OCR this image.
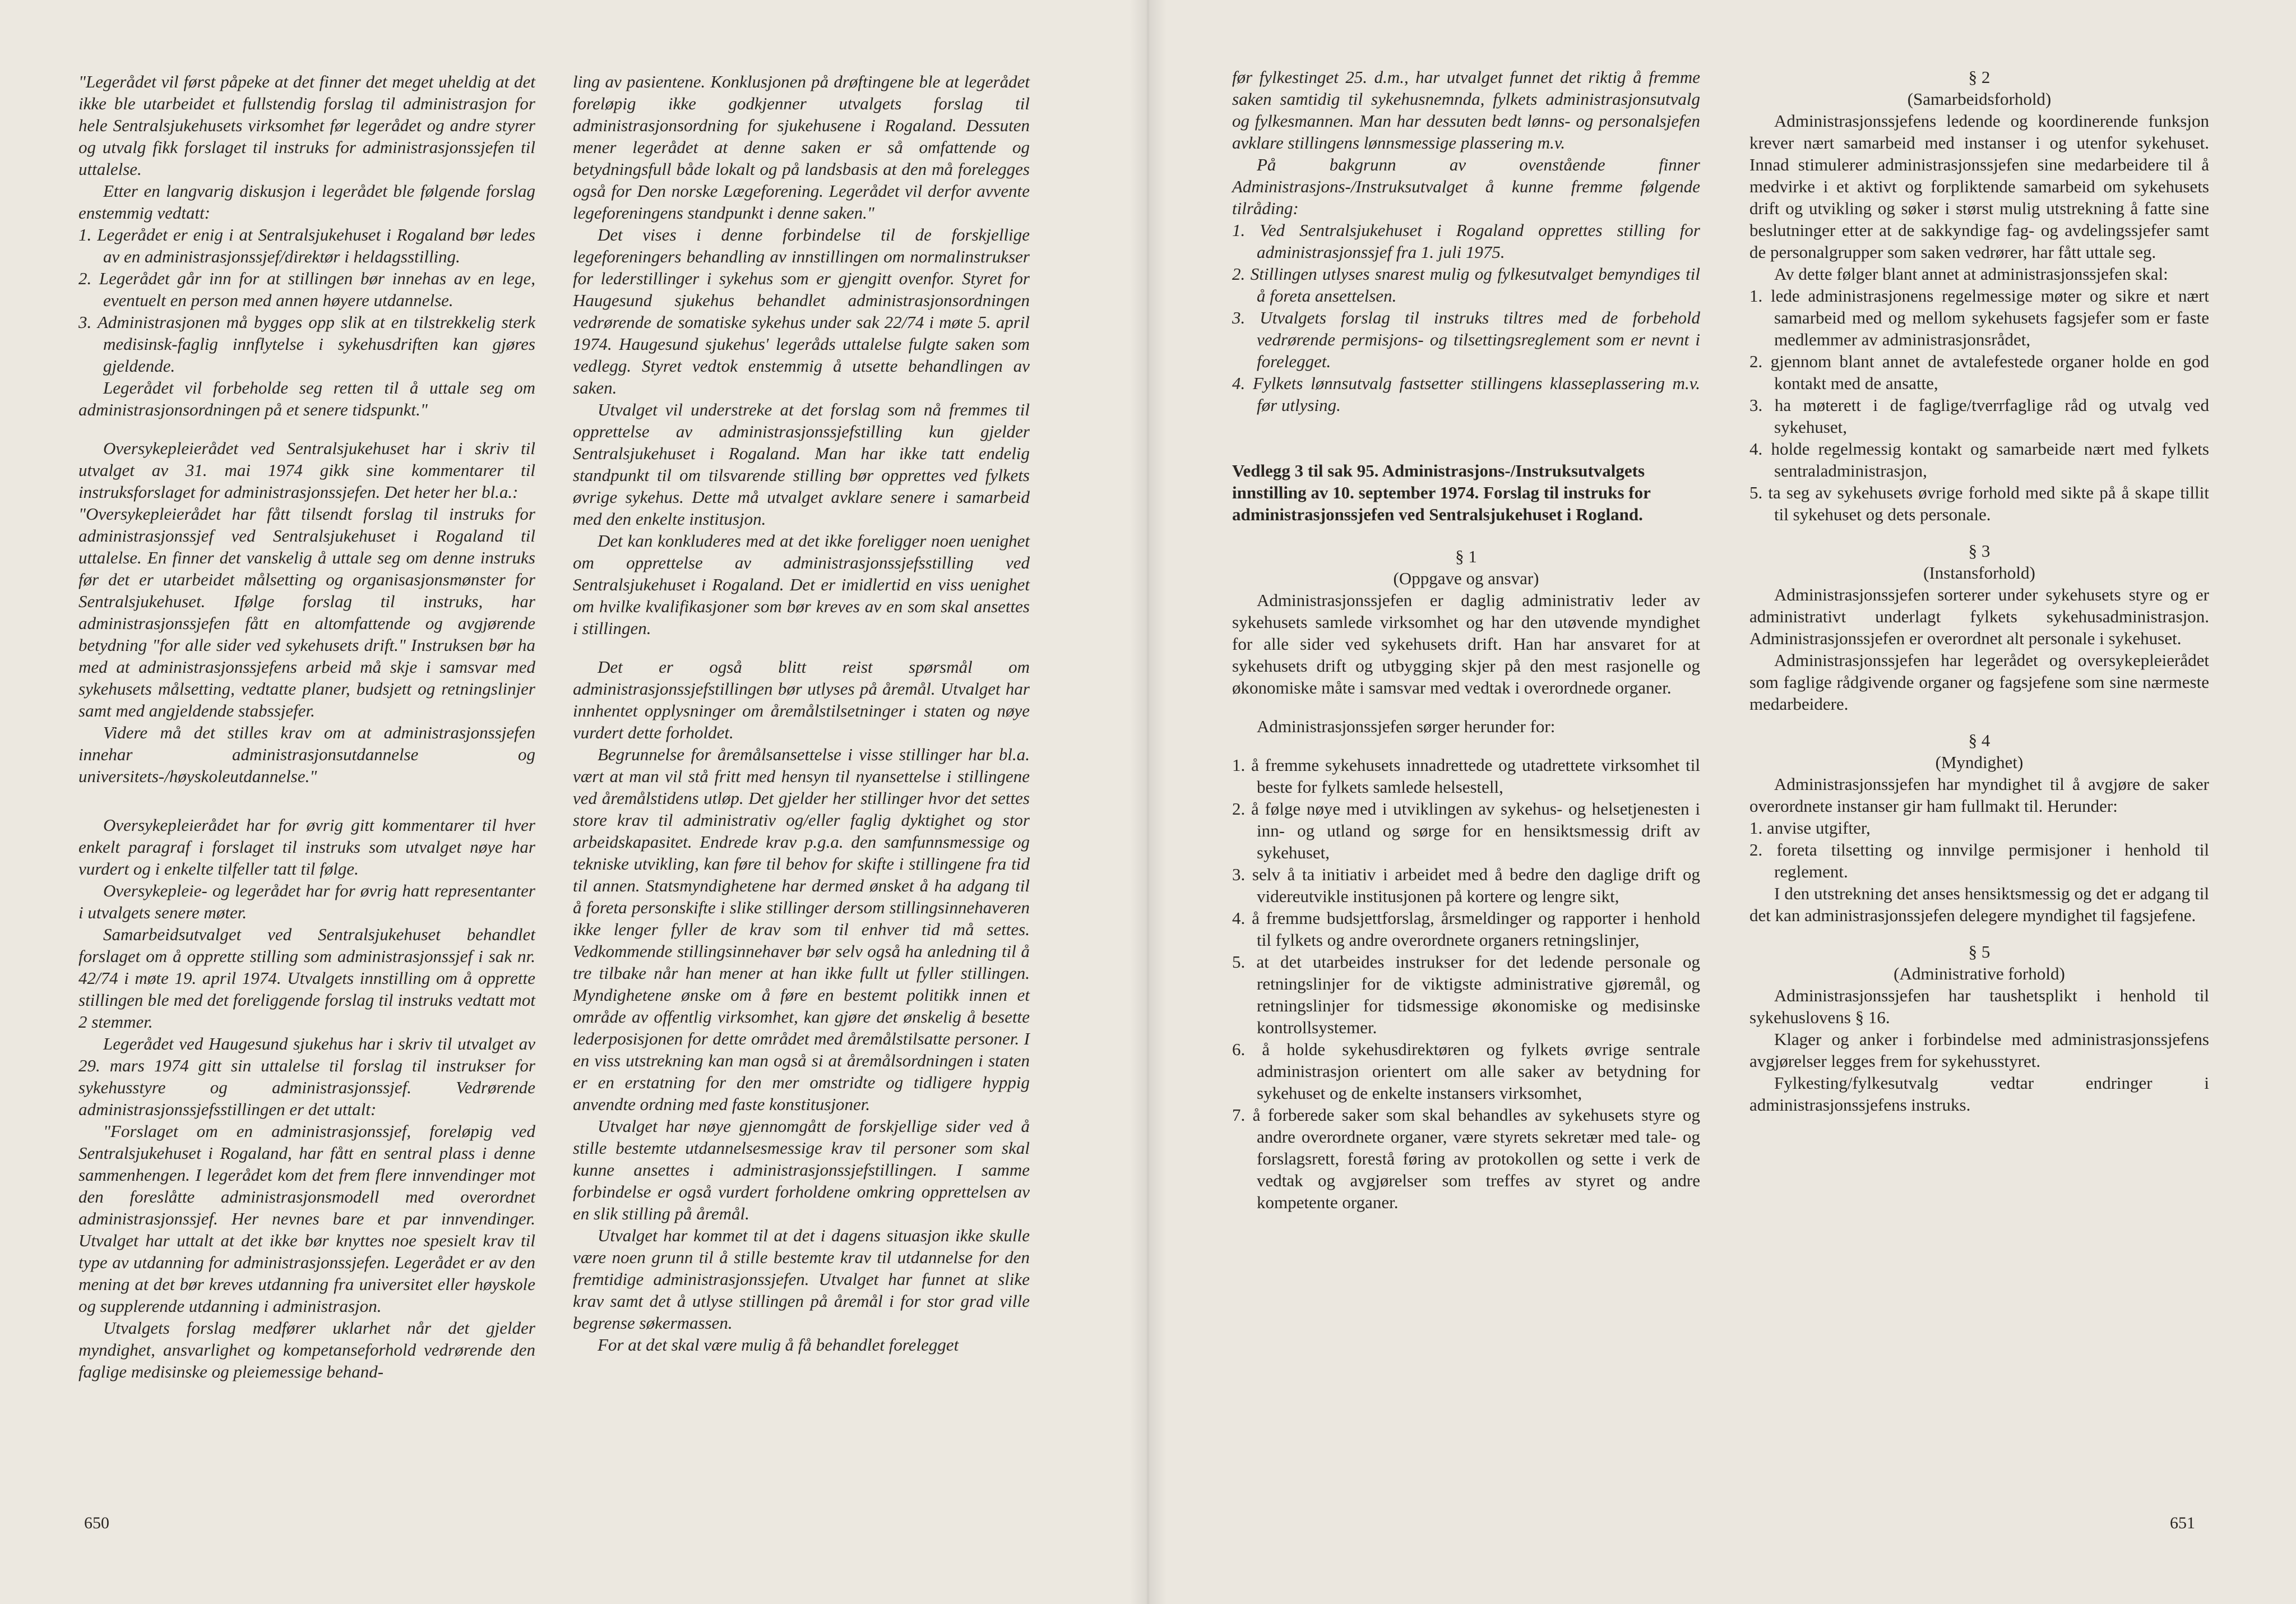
"Legerådet vil først påpeke at det finner det meget uheldig at det ikke ble utarbeidet et fullstendig forslag til administrasjon for hele Sentralsjukehusets virksomhet før legerådet og andre styrer og utvalg fikk forslaget til instruks for administrasjonssjefen til uttalelse.

Etter en langvarig diskusjon i legerådet ble følgende forslag enstemmig vedtatt:

1. Legerådet er enig i at Sentralsjukehuset i Rogaland bør ledes av en administrasjonssjef/direktør i heldagsstilling.

2. Legerådet går inn for at stillingen bør innehas av en lege, eventuelt en person med annen høyere utdannelse.

3. Administrasjonen må bygges opp slik at en tilstrekkelig sterk medisinsk-faglig innflytelse i sykehusdriften kan gjøres gjeldende.

Legerådet vil forbeholde seg retten til å uttale seg om administrasjonsordningen på et senere tidspunkt."

Oversykepleierådet ved Sentralsjukehuset har i skriv til utvalget av 31. mai 1974 gikk sine kommentarer til instruksforslaget for administrasjonssjefen. Det heter her bl.a.:

"Oversykepleierådet har fått tilsendt forslag til instruks for administrasjonssjef ved Sentralsjukehuset i Rogaland til uttalelse. En finner det vanskelig å uttale seg om denne instruks før det er utarbeidet målsetting og organisasjonsmønster for Sentralsjukehuset. Ifølge forslag til instruks, har administrasjonssjefen fått en altomfattende og avgjørende betydning "for alle sider ved sykehusets drift." Instruksen bør ha med at administrasjonssjefens arbeid må skje i samsvar med sykehusets målsetting, vedtatte planer, budsjett og retningslinjer samt med angjeldende stabssjefer.

Videre må det stilles krav om at administrasjonssjefen innehar administrasjonsutdannelse og universitets-/høyskoleutdannelse."

Oversykepleierådet har for øvrig gitt kommentarer til hver enkelt paragraf i forslaget til instruks som utvalget nøye har vurdert og i enkelte tilfeller tatt til følge.

Oversykepleie- og legerådet har for øvrig hatt representanter i utvalgets senere møter.

Samarbeidsutvalget ved Sentralsjukehuset behandlet forslaget om å opprette stilling som administrasjonssjef i sak nr. 42/74 i møte 19. april 1974. Utvalgets innstilling om å opprette stillingen ble med det foreliggende forslag til instruks vedtatt mot 2 stemmer.

Legerådet ved Haugesund sjukehus har i skriv til utvalget av 29. mars 1974 gitt sin uttalelse til forslag til instrukser for sykehusstyre og administrasjonssjef. Vedrørende administrasjonssjefsstillingen er det uttalt:

"Forslaget om en administrasjonssjef, foreløpig ved Sentralsjukehuset i Rogaland, har fått en sentral plass i denne sammenhengen. I legerådet kom det frem flere innvendinger mot den foreslåtte administrasjonsmodell med overordnet administrasjonssjef. Her nevnes bare et par innvendinger. Utvalget har uttalt at det ikke bør knyttes noe spesielt krav til type av utdanning for administrasjonssjefen. Legerådet er av den mening at det bør kreves utdanning fra universitet eller høyskole og supplerende utdanning i administrasjon.

Utvalgets forslag medfører uklarhet når det gjelder myndighet, ansvarlighet og kompetanseforhold vedrørende den faglige medisinske og pleiemessige behand-

ling av pasientene. Konklusjonen på drøftingene ble at legerådet foreløpig ikke godkjenner utvalgets forslag til administrasjonsordning for sjukehusene i Rogaland. Dessuten mener legerådet at denne saken er så omfattende og betydningsfull både lokalt og på landsbasis at den må forelegges også for Den norske Lægeforening. Legerådet vil derfor avvente legeforeningens standpunkt i denne saken."

Det vises i denne forbindelse til de forskjellige legeforeningers behandling av innstillingen om normalinstrukser for lederstillinger i sykehus som er gjengitt ovenfor. Styret for Haugesund sjukehus behandlet administrasjonsordningen vedrørende de somatiske sykehus under sak 22/74 i møte 5. april 1974. Haugesund sjukehus' legeråds uttalelse fulgte saken som vedlegg. Styret vedtok enstemmig å utsette behandlingen av saken.

Utvalget vil understreke at det forslag som nå fremmes til opprettelse av administrasjonssjefstilling kun gjelder Sentralsjukehuset i Rogaland. Man har ikke tatt endelig standpunkt til om tilsvarende stilling bør opprettes ved fylkets øvrige sykehus. Dette må utvalget avklare senere i samarbeid med den enkelte institusjon.

Det kan konkluderes med at det ikke foreligger noen uenighet om opprettelse av administrasjonssjefsstilling ved Sentralsjukehuset i Rogaland. Det er imidlertid en viss uenighet om hvilke kvalifikasjoner som bør kreves av en som skal ansettes i stillingen.

Det er også blitt reist spørsmål om administrasjonssjefstillingen bør utlyses på åremål. Utvalget har innhentet opplysninger om åremålstilsetninger i staten og nøye vurdert dette forholdet.

Begrunnelse for åremålsansettelse i visse stillinger har bl.a. vært at man vil stå fritt med hensyn til nyansettelse i stillingene ved åremålstidens utløp. Det gjelder her stillinger hvor det settes store krav til administrativ og/eller faglig dyktighet og stor arbeidskapasitet. Endrede krav p.g.a. den samfunnsmessige og tekniske utvikling, kan føre til behov for skifte i stillingene fra tid til annen. Statsmyndighetene har dermed ønsket å ha adgang til å foreta personskifte i slike stillinger dersom stillingsinnehaveren ikke lenger fyller de krav som til enhver tid må settes. Vedkommende stillingsinnehaver bør selv også ha anledning til å tre tilbake når han mener at han ikke fullt ut fyller stillingen. Myndighetene ønske om å føre en bestemt politikk innen et område av offentlig virksomhet, kan gjøre det ønskelig å besette lederposisjonen for dette området med åremålstilsatte personer. I en viss utstrekning kan man også si at åremålsordningen i staten er en erstatning for den mer omstridte og tidligere hyppig anvendte ordning med faste konstitusjoner.

Utvalget har nøye gjennomgått de forskjellige sider ved å stille bestemte utdannelsesmessige krav til personer som skal kunne ansettes i administrasjonssjefstillingen. I samme forbindelse er også vurdert forholdene omkring opprettelsen av en slik stilling på åremål.

Utvalget har kommet til at det i dagens situasjon ikke skulle være noen grunn til å stille bestemte krav til utdannelse for den fremtidige administrasjonssjefen. Utvalget har funnet at slike krav samt det å utlyse stillingen på åremål i for stor grad ville begrense søkermassen.

For at det skal være mulig å få behandlet forelegget

650

før fylkestinget 25. d.m., har utvalget funnet det riktig å fremme saken samtidig til sykehusnemnda, fylkets administrasjonsutvalg og fylkesmannen. Man har dessuten bedt lønns- og personalsjefen avklare stillingens lønnsmessige plassering m.v.

På bakgrunn av ovenstående finner Administrasjons-/Instruksutvalget å kunne fremme følgende tilråding:

1. Ved Sentralsjukehuset i Rogaland opprettes stilling for administrasjonssjef fra 1. juli 1975.

2. Stillingen utlyses snarest mulig og fylkesutvalget bemyndiges til å foreta ansettelsen.

3. Utvalgets forslag til instruks tiltres med de forbehold vedrørende permisjons- og tilsettingsreglement som er nevnt i forelegget.

4. Fylkets lønnsutvalg fastsetter stillingens klasseplassering m.v. før utlysing.

Vedlegg 3 til sak 95. Administrasjons-/Instruksutvalgets innstilling av 10. september 1974. Forslag til instruks for administrasjonssjefen ved Sentralsjukehuset i Rogland.

§ 1

(Oppgave og ansvar)

Administrasjonssjefen er daglig administrativ leder av sykehusets samlede virksomhet og har den utøvende myndighet for alle sider ved sykehusets drift. Han har ansvaret for at sykehusets drift og utbygging skjer på den mest rasjonelle og økonomiske måte i samsvar med vedtak i overordnede organer.

Administrasjonssjefen sørger herunder for:

1. å fremme sykehusets innadrettede og utadrettete virksomhet til beste for fylkets samlede helsestell,

2. å følge nøye med i utviklingen av sykehus- og helsetjenesten i inn- og utland og sørge for en hensiktsmessig drift av sykehuset,

3. selv å ta initiativ i arbeidet med å bedre den daglige drift og videreutvikle institusjonen på kortere og lengre sikt,

4. å fremme budsjettforslag, årsmeldinger og rapporter i henhold til fylkets og andre overordnete organers retningslinjer,

5. at det utarbeides instrukser for det ledende personale og retningslinjer for de viktigste administrative gjøremål, og retningslinjer for tidsmessige økonomiske og medisinske kontrollsystemer.

6. å holde sykehusdirektøren og fylkets øvrige sentrale administrasjon orientert om alle saker av betydning for sykehuset og de enkelte instansers virksomhet,

7. å forberede saker som skal behandles av sykehusets styre og andre overordnete organer, være styrets sekretær med tale- og forslagsrett, forestå føring av protokollen og sette i verk de vedtak og avgjørelser som treffes av styret og andre kompetente organer.

§ 2

(Samarbeidsforhold)

Administrasjonssjefens ledende og koordinerende funksjon krever nært samarbeid med instanser i og utenfor sykehuset. Innad stimulerer administrasjonssjefen sine medarbeidere til å medvirke i et aktivt og forpliktende samarbeid om sykehusets drift og utvikling og søker i størst mulig utstrekning å fatte sine beslutninger etter at de sakkyndige fag- og avdelingssjefer samt de personalgrupper som saken vedrører, har fått uttale seg.

Av dette følger blant annet at administrasjonssjefen skal:

1. lede administrasjonens regelmessige møter og sikre et nært samarbeid med og mellom sykehusets fagsjefer som er faste medlemmer av administrasjonsrådet,

2. gjennom blant annet de avtalefestede organer holde en god kontakt med de ansatte,

3. ha møterett i de faglige/tverrfaglige råd og utvalg ved sykehuset,

4. holde regelmessig kontakt og samarbeide nært med fylkets sentraladministrasjon,

5. ta seg av sykehusets øvrige forhold med sikte på å skape tillit til sykehuset og dets personale.

§ 3

(Instansforhold)

Administrasjonssjefen sorterer under sykehusets styre og er administrativt underlagt fylkets sykehusadministrasjon. Administrasjonssjefen er overordnet alt personale i sykehuset.

Administrasjonssjefen har legerådet og oversykepleierådet som faglige rådgivende organer og fagsjefene som sine nærmeste medarbeidere.

§ 4

(Myndighet)

Administrasjonssjefen har myndighet til å avgjøre de saker overordnete instanser gir ham fullmakt til. Herunder:

1. anvise utgifter,

2. foreta tilsetting og innvilge permisjoner i henhold til reglement.

I den utstrekning det anses hensiktsmessig og det er adgang til det kan administrasjonssjefen delegere myndighet til fagsjefene.

§ 5

(Administrative forhold)

Administrasjonssjefen har taushetsplikt i henhold til sykehuslovens § 16.

Klager og anker i forbindelse med administrasjonssjefens avgjørelser legges frem for sykehusstyret.

Fylkesting/fylkesutvalg vedtar endringer i administrasjonssjefens instruks.

651
